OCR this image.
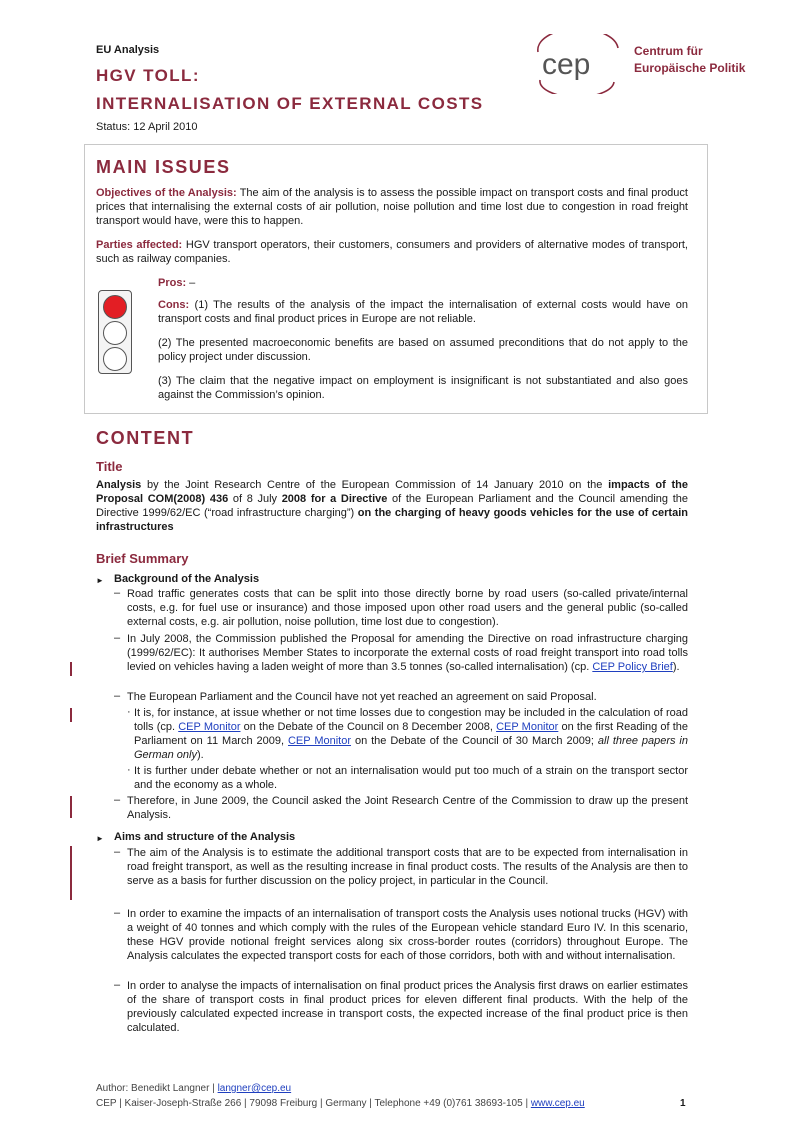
EU Analysis
HGV TOLL:
INTERNALISATION OF EXTERNAL COSTS
Status: 12 April 2010
cep	Centrum für
Europäische Politik
MAIN ISSUES
Objectives of the Analysis: The aim of the analysis is to assess the possible impact on transport costs and final product prices that internalising the external costs of air pollution, noise pollution and time lost due to congestion in road freight transport would have, were this to happen.
Parties affected: HGV transport operators, their customers, consumers and providers of alternative modes of transport, such as railway companies.
Pros: –
Cons: (1) The results of the analysis of the impact the internalisation of external costs would have on transport costs and final product prices in Europe are not reliable.
(2) The presented macroeconomic benefits are based on assumed preconditions that do not apply to the policy project under discussion.
(3) The claim that the negative impact on employment is insignificant is not substantiated and also goes against the Commission’s opinion.
CONTENT
Title
Analysis by the Joint Research Centre of the European Commission of 14 January 2010 on the impacts of the Proposal COM(2008) 436 of 8 July 2008 for a Directive of the European Parliament and the Council amending the Directive 1999/62/EC (“road infrastructure charging”) on the charging of heavy goods vehicles for the use of certain infrastructures
Brief Summary
► Background of the Analysis
– Road traffic generates costs that can be split into those directly borne by road users (so-called private/internal costs, e.g. for fuel use or insurance) and those imposed upon other road users and the general public (so-called external costs, e.g. air pollution, noise pollution, time lost due to congestion).
– In July 2008, the Commission published the Proposal for amending the Directive on road infrastructure charging (1999/62/EC): It authorises Member States to incorporate the external costs of road freight transport into road tolls levied on vehicles having a laden weight of more than 3.5 tonnes (so-called internalisation) (cp. CEP Policy Brief).
– The European Parliament and the Council have not yet reached an agreement on said Proposal.
· It is, for instance, at issue whether or not time losses due to congestion may be included in the calculation of road tolls (cp. CEP Monitor on the Debate of the Council on 8 December 2008, CEP Monitor on the first Reading of the Parliament on 11 March 2009, CEP Monitor on the Debate of the Council of 30 March 2009; all three papers in German only).
· It is further under debate whether or not an internalisation would put too much of a strain on the transport sector and the economy as a whole.
– Therefore, in June 2009, the Council asked the Joint Research Centre of the Commission to draw up the present Analysis.
► Aims and structure of the Analysis
– The aim of the Analysis is to estimate the additional transport costs that are to be expected from internalisation in road freight transport, as well as the resulting increase in final product costs. The results of the Analysis are then to serve as a basis for further discussion on the policy project, in particular in the Council.
– In order to examine the impacts of an internalisation of transport costs the Analysis uses notional trucks (HGV) with a weight of 40 tonnes and which comply with the rules of the European vehicle standard Euro IV. In this scenario, these HGV provide notional freight services along six cross-border routes (corridors) throughout Europe. The Analysis calculates the expected transport costs for each of those corridors, both with and without internalisation.
– In order to analyse the impacts of internalisation on final product prices the Analysis first draws on earlier estimates of the share of transport costs in final product prices for eleven different final products. With the help of the previously calculated expected increase in transport costs, the expected increase of the final product price is then calculated.
Author: Benedikt Langner | langner@cep.eu
CEP | Kaiser-Joseph-Straße 266 | 79098 Freiburg | Germany | Telephone +49 (0)761 38693-105 | www.cep.eu	1
